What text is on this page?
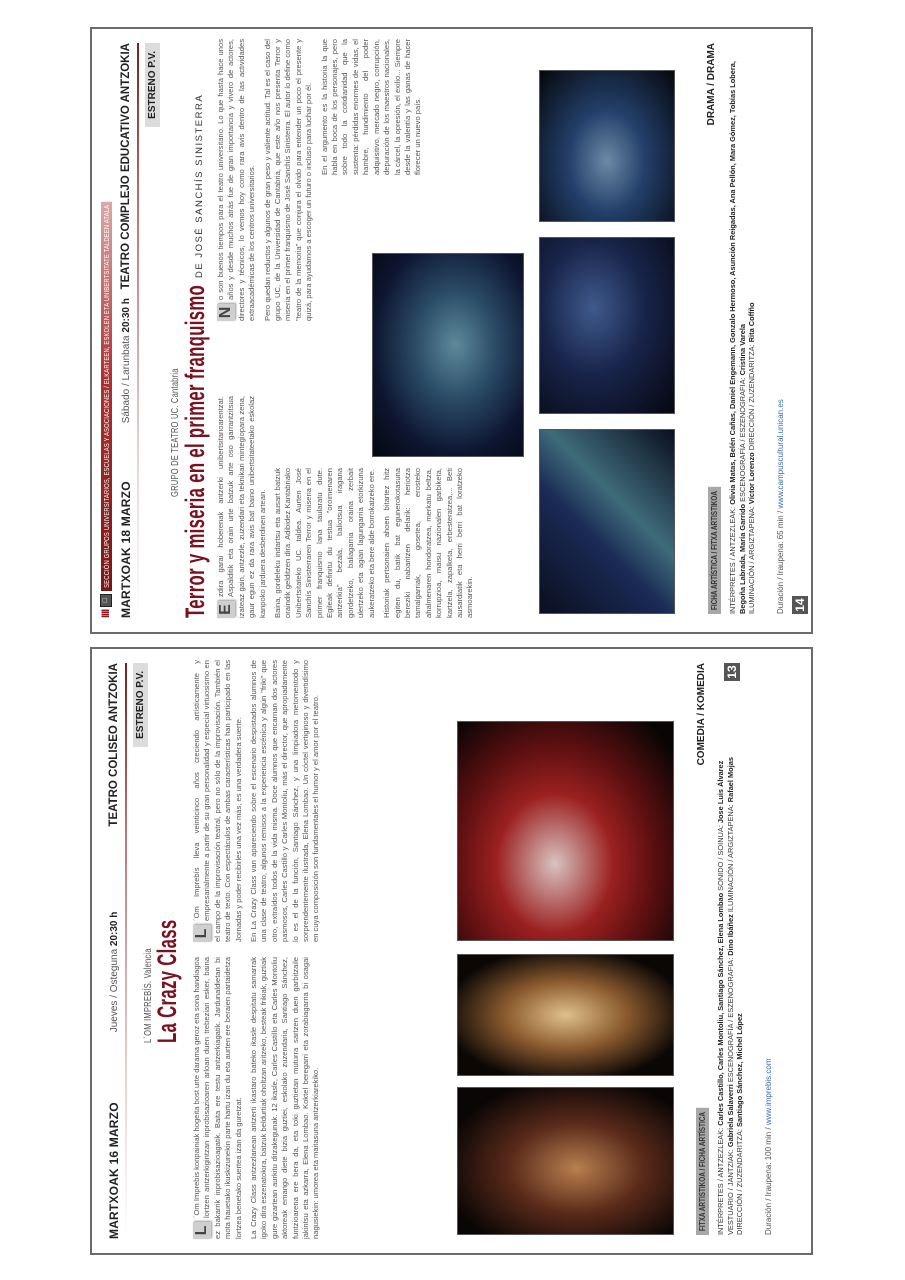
IIII
□
SECCIÓN GRUPOS UNIVERSITARIOS, ESCUELAS Y ASOCIACIONES / ELKARTEEN, ESKOLEN ETA UNIBERTSITATE TALDEEN ATALA MARTXOAK 18 MARZO
Sábado / Larunbata 20:30 h
TEATRO COMPLEJO EDUCATIVO ANTZOKIA ESTRENO P.V.
GRUPO DE TEATRO UC. Cantabria Terror y miseria en el primer franquismo
DE JOSÉ SANCHÍS SINISTERRA

E
zdira garai hoberenak antzerki unibertsitarioarentzat. Aspalditik eta orain urte batzuk arte oso garrantzitsua izateaz gain, antzezle, zuzendari eta teknikari mintegiopara zena, gaur egun ez da rara avis bat baino unibertsitateetako eskolaz kanpoko jarduera desberdinen artean. Baina, gordeleku indartsu eta ausart batzuk oraindik gelditzen dira. Adibidez Kantabriako Unibertsitateko UC. taldea. Aurten José Sanchís Sinisterraren Terror y miseria en el primer franquismo lana taularatu dute. Egileak definitu du testua "oroimenaren antzerkia" bezala, baliotsua iragana gordetzeko, baliagarria oraina zerbait ulertzeko eta agian lagungarria etorkizuna aukeratzeko eta bere alde borrokatzeko ere. Historiak pertsonaien ahoen bitartez hitz egiten du, batik bat egunerokotasuna bereziki nabaritzen delarik: heriotza tamalgarriak, gosetea, erosteko ahalmenaren hondoratzea, merkatu beltza, korrupzioa, maisu nazionalen garbiketa, kartzela, zapalketa, erbesteratzea,... Beti ausardiatik eta herri berri bat loratzeko asmoarekin.

N
o son buenos tiempos para el teatro universitario. Lo que hasta hace unos años y desde muchos atrás fue de gran importancia y vivero de actores, directores y técnicos, lo vemos hoy como rara avis dentro de las actividades extraacadémicas de los centros universitarios. Pero quedan reductos y algunos de gran peso y valiente actitud. Tal es el caso del grupo UC, de la Universidad de Cantabria, que este año nos presenta Terror y miseria en el primer franquismo de José Sanchís Sinisterra. El autor lo define como "teatro de la memoria" que conjura el olvido para entender un poco el presente y quizá, para ayudarnos a escoger un futuro o incluso para luchar por él. En el argumento es la historia la que habla en boca de los personajes, pero sobre todo la cotidianidad que la sustenta: pérdidas enormes de vidas, el hambre, hundimiento del poder adquisitivo, mercado negro, corrupción, depuración de los maestros nacionales, la cárcel, la opresión, el exilio... Siempre desde la valentía y las ganas de hacer florecer un nuevo país.

FICHA ARTÍSTICA / FITXA ARTISTIKOA INTÉRPRETES / ANTZEZLEAK: Olivia Matas, Belén Cañas, Daniel Engemann, Gonzalo Hermoso, Asunción Reigadas, Ana Pellón, Mara Gómez, Tobías Lobera, Begoña Labrada, María Garrido ESCENOGRAFÍA / ESZENOGRAFIA: Cristina Varela
ILUMINACIÓN / ARGIZTAPENA: Víctor Lorenzo DIRECCIÓN / ZUZENDARITZA: Rita Coffño
Duración / Iraupena: 65 min / www.campuscultural.unican.es
14
DRAMA / DRAMA
MARTXOAK 16 MARZO
Jueves / Osteguna 20:30 h
TEATRO COLISEO ANTZOKIA ESTRENO P.V.
L´OM IMPREBÍS. Valencia
La Crazy Class

L
´Om Imprebis konpainiak hogeita bost urte darama geroz eta sona handiagoa lortzen antzerkigintzan inprobisazioaren arloan duen trebeziari esker, baina ez bakarrik inprobisazioagatik. Baita ere testu antzerkiagatik. Jardunaldietan bi mota hauetako ikuskizunekin parte hartu izan du eta aurten ere beraien partaidetza lortzea benetako suertea izan da guretzat. La Crazy Class antzezlanean antzerti ikastaro bateko ikasle despitatu samarrak igoko dira eszenatokira, batzuk beldurtiak oholtzan aritzeko, besteak frikiak, guztiak gure gizartean aurkitu ditzakegunak. 12 ikasle, Carles Castillo eta Carles Montoliu aktoreak emango diete bizia guztiei, eskolako zuzendaria, Santiago Sánchez, funtzioarena ere bera da, eta toki guztietan muturra sartzen duen garbitzaile jakintsu eta azkarra, Elena Lombao. Koktel beregarri eta zorabiagarria bi osagai nagusiekin: umorea eta maitasuna antzerkiarekiko.

L
´Om Imprebís lleva veinticinco años creciendo artísticamente y empresarialmente a partir de su gran personalidad y especial virtuosismo en el campo de la improvisación teatral, pero no sólo de la improvisación. También el teatro de texto. Con espectáculos de ambas características han participado en las Jornadas y poder recibirles una vez más, es una verdadera suerte. En La Crazy Class van apareciendo sobre el escenario despistados alumnos de una clase de teatro, algunos remisos a la experiencia escénica y algún "friki" que otro, extraídos todos de la vida misma. Doce alumnos que encarnan dos actores pasmosos, Carles Castillo y Carles Montoliu, más el director, que apropiadamente lo es el de la función, Santiago Sánchez, y una limpiadora metomentodo y sorprendentemente ilustrada, Elena Lombao. Un cóctel vertiginoso y divertidísimo en cuya composición son fundamentales el humor y el amor por el teatro.

FITXA ARTISTIKOA / FICHA ARTÍSTICA INTÉRPRETES / ANTZEZLEAK: Carles Castillo, Carles Montoliu, Santiago Sánchez, Elena Lombao SONIDO / SOINUA: Jose Luis Álvarez
VESTUARIO / JANTZIAK: Gabriela Salaverri ESCENOGRAFÍA / ESZENOGRAFIA: Dino Ibáñez ILUMINACIÓN / ARGIZTAPENA: Rafael Mojas
DIRECCIÓN / ZUZENDARITZA: Santiago Sánchez, Michel López
Duración / Iraupena: 100 min / www.imprebis.com
COMEDIA / KOMEDIA 13
